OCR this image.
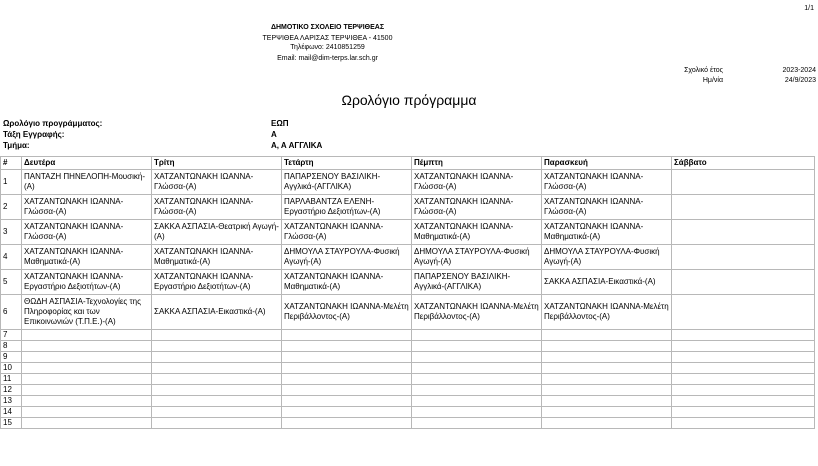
1/1
ΔΗΜΟΤΙΚΟ ΣΧΟΛΕΙΟ ΤΕΡΨΙΘΕΑΣ
ΤΕΡΨΙΘΕΑ ΛΑΡΙΣΑΣ ΤΕΡΨΙΘΕΑ - 41500
Τηλέφωνο: 2410851259
Email: mail@dim-terps.lar.sch.gr
Σχολικό έτος	2023-2024
Ημ/νία	24/9/2023
Ωρολόγιο πρόγραμμα
Ωρολόγιο προγράμματος:	ΕΩΠ
Τάξη Εγγραφής:	Α
Τμήμα:	Α, Α ΑΓΓΛΙΚΑ
#	Δευτέρα	Τρίτη	Τετάρτη	Πέμπτη	Παρασκευή	Σάββατο
1	ΠΑΝΤΑΖΗ ΠΗΝΕΛΟΠΗ-Μουσική-(Α)	ΧΑΤΖΑΝΤΩΝΑΚΗ ΙΩΑΝΝΑ-Γλώσσα-(Α)	ΠΑΠΑΡΣΕΝΟΥ ΒΑΣΙΛΙΚΗ-Αγγλικά-(ΑΓΓΛΙΚΑ)	ΧΑΤΖΑΝΤΩΝΑΚΗ ΙΩΑΝΝΑ-Γλώσσα-(Α)	ΧΑΤΖΑΝΤΩΝΑΚΗ ΙΩΑΝΝΑ-Γλώσσα-(Α)	

2	ΧΑΤΖΑΝΤΩΝΑΚΗ ΙΩΑΝΝΑ-Γλώσσα-(Α)	ΧΑΤΖΑΝΤΩΝΑΚΗ ΙΩΑΝΝΑ-Γλώσσα-(Α)	ΠΑΡΛΑΒΑΝΤΖΑ ΕΛΕΝΗ-Εργαστήριο Δεξιοτήτων-(Α)	ΧΑΤΖΑΝΤΩΝΑΚΗ ΙΩΑΝΝΑ-Γλώσσα-(Α)	ΧΑΤΖΑΝΤΩΝΑΚΗ ΙΩΑΝΝΑ-Γλώσσα-(Α)	

3	ΧΑΤΖΑΝΤΩΝΑΚΗ ΙΩΑΝΝΑ-Γλώσσα-(Α)	ΣΑΚΚΑ ΑΣΠΑΣΙΑ-Θεατρική Αγωγή-(Α)	ΧΑΤΖΑΝΤΩΝΑΚΗ ΙΩΑΝΝΑ-Γλώσσα-(Α)	ΧΑΤΖΑΝΤΩΝΑΚΗ ΙΩΑΝΝΑ-Μαθηματικά-(Α)	ΧΑΤΖΑΝΤΩΝΑΚΗ ΙΩΑΝΝΑ-Μαθηματικά-(Α)	

4	ΧΑΤΖΑΝΤΩΝΑΚΗ ΙΩΑΝΝΑ-Μαθηματικά-(Α)	ΧΑΤΖΑΝΤΩΝΑΚΗ ΙΩΑΝΝΑ-Μαθηματικά-(Α)	ΔΗΜΟΥΛΑ ΣΤΑΥΡΟΥΛΑ-Φυσική Αγωγή-(Α)	ΔΗΜΟΥΛΑ ΣΤΑΥΡΟΥΛΑ-Φυσική Αγωγή-(Α)	ΔΗΜΟΥΛΑ ΣΤΑΥΡΟΥΛΑ-Φυσική Αγωγή-(Α)	

5	ΧΑΤΖΑΝΤΩΝΑΚΗ ΙΩΑΝΝΑ-Εργαστήριο Δεξιοτήτων-(Α)	ΧΑΤΖΑΝΤΩΝΑΚΗ ΙΩΑΝΝΑ-Εργαστήριο Δεξιοτήτων-(Α)	ΧΑΤΖΑΝΤΩΝΑΚΗ ΙΩΑΝΝΑ-Μαθηματικά-(Α)	ΠΑΠΑΡΣΕΝΟΥ ΒΑΣΙΛΙΚΗ-Αγγλικά-(ΑΓΓΛΙΚΑ)	ΣΑΚΚΑ ΑΣΠΑΣΙΑ-Εικαστικά-(Α)	

6	ΘΩΔΗ ΑΣΠΑΣΙΑ-Τεχνολογίες της Πληροφορίας και των Επικοινωνιών (Τ.Π.Ε.)-(Α)	ΣΑΚΚΑ ΑΣΠΑΣΙΑ-Εικαστικά-(Α)	ΧΑΤΖΑΝΤΩΝΑΚΗ ΙΩΑΝΝΑ-Μελέτη Περιβάλλοντος-(Α)	ΧΑΤΖΑΝΤΩΝΑΚΗ ΙΩΑΝΝΑ-Μελέτη Περιβάλλοντος-(Α)	ΧΑΤΖΑΝΤΩΝΑΚΗ ΙΩΑΝΝΑ-Μελέτη Περιβάλλοντος-(Α)	

7						
8						
9						
10						
11						
12						
13						
14						
15						
